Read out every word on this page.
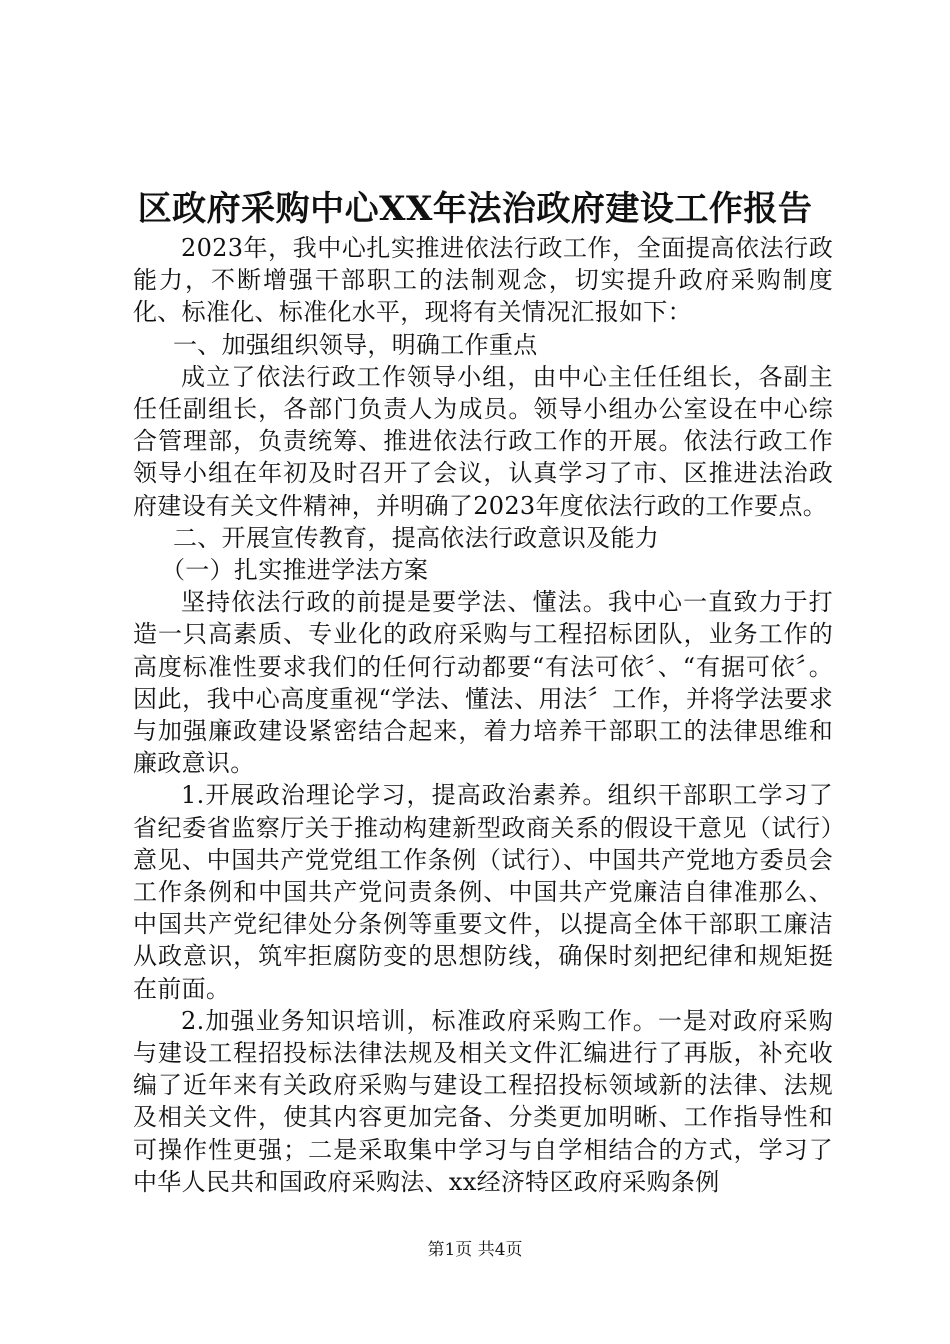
区政府采购中心XX年法治政府建设工作报告

2023年，我中心扎实推进依法行政工作，全面提高依法行政能力，不断增强干部职工的法制观念，切实提升政府采购制度化、标准化、标准化水平，现将有关情况汇报如下：

一、加强组织领导，明确工作重点

成立了依法行政工作领导小组，由中心主任任组长，各副主任任副组长，各部门负责人为成员。领导小组办公室设在中心综合管理部，负责统筹、推进依法行政工作的开展。依法行政工作领导小组在年初及时召开了会议，认真学习了市、区推进法治政府建设有关文件精神，并明确了2023年度依法行政的工作要点。

二、开展宣传教育，提高依法行政意识及能力

（一）扎实推进学法方案

坚持依法行政的前提是要学法、懂法。我中心一直致力于打造一只高素质、专业化的政府采购与工程招标团队，业务工作的高度标准性要求我们的任何行动都要“有法可依〞、“有据可依〞。因此，我中心高度重视“学法、懂法、用法〞工作，并将学法要求与加强廉政建设紧密结合起来，着力培养干部职工的法律思维和廉政意识。

1.开展政治理论学习，提高政治素养。组织干部职工学习了省纪委省监察厅关于推动构建新型政商关系的假设干意见（试行）意见、中国共产党党组工作条例（试行）、中国共产党地方委员会工作条例和中国共产党问责条例、中国共产党廉洁自律准那么、中国共产党纪律处分条例等重要文件，以提高全体干部职工廉洁从政意识，筑牢拒腐防变的思想防线，确保时刻把纪律和规矩挺在前面。

2.加强业务知识培训，标准政府采购工作。一是对政府采购与建设工程招投标法律法规及相关文件汇编进行了再版，补充收编了近年来有关政府采购与建设工程招投标领域新的法律、法规及相关文件，使其内容更加完备、分类更加明晰、工作指导性和可操作性更强；二是采取集中学习与自学相结合的方式，学习了中华人民共和国政府采购法、xx经济特区政府采购条例

第1页 共4页
